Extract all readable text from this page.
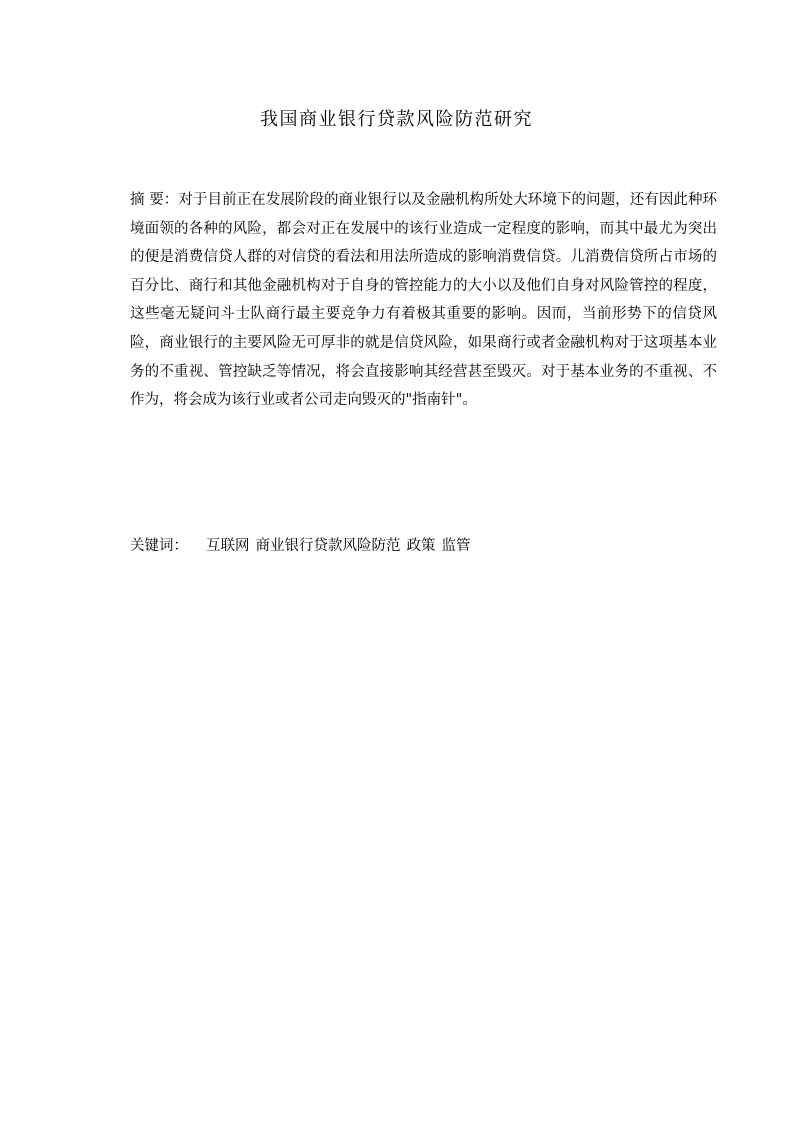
我国商业银行贷款风险防范研究

摘 要：对于目前正在发展阶段的商业银行以及金融机构所处大环境下的问题，还有因此种环境面领的各种的风险，都会对正在发展中的该行业造成一定程度的影响，而其中最尤为突出的便是消费信贷人群的对信贷的看法和用法所造成的影响消费信贷。儿消费信贷所占市场的百分比、商行和其他金融机构对于自身的管控能力的大小以及他们自身对风险管控的程度，这些毫无疑问斗士队商行最主要竞争力有着极其重要的影响。因而，当前形势下的信贷风险，商业银行的主要风险无可厚非的就是信贷风险，如果商行或者金融机构对于这项基本业务的不重视、管控缺乏等情况，将会直接影响其经营甚至毁灭。对于基本业务的不重视、不作为，将会成为该行业或者公司走向毁灭的"指南针"。

关键词： 互联网 商业银行贷款风险防范 政策 监管
